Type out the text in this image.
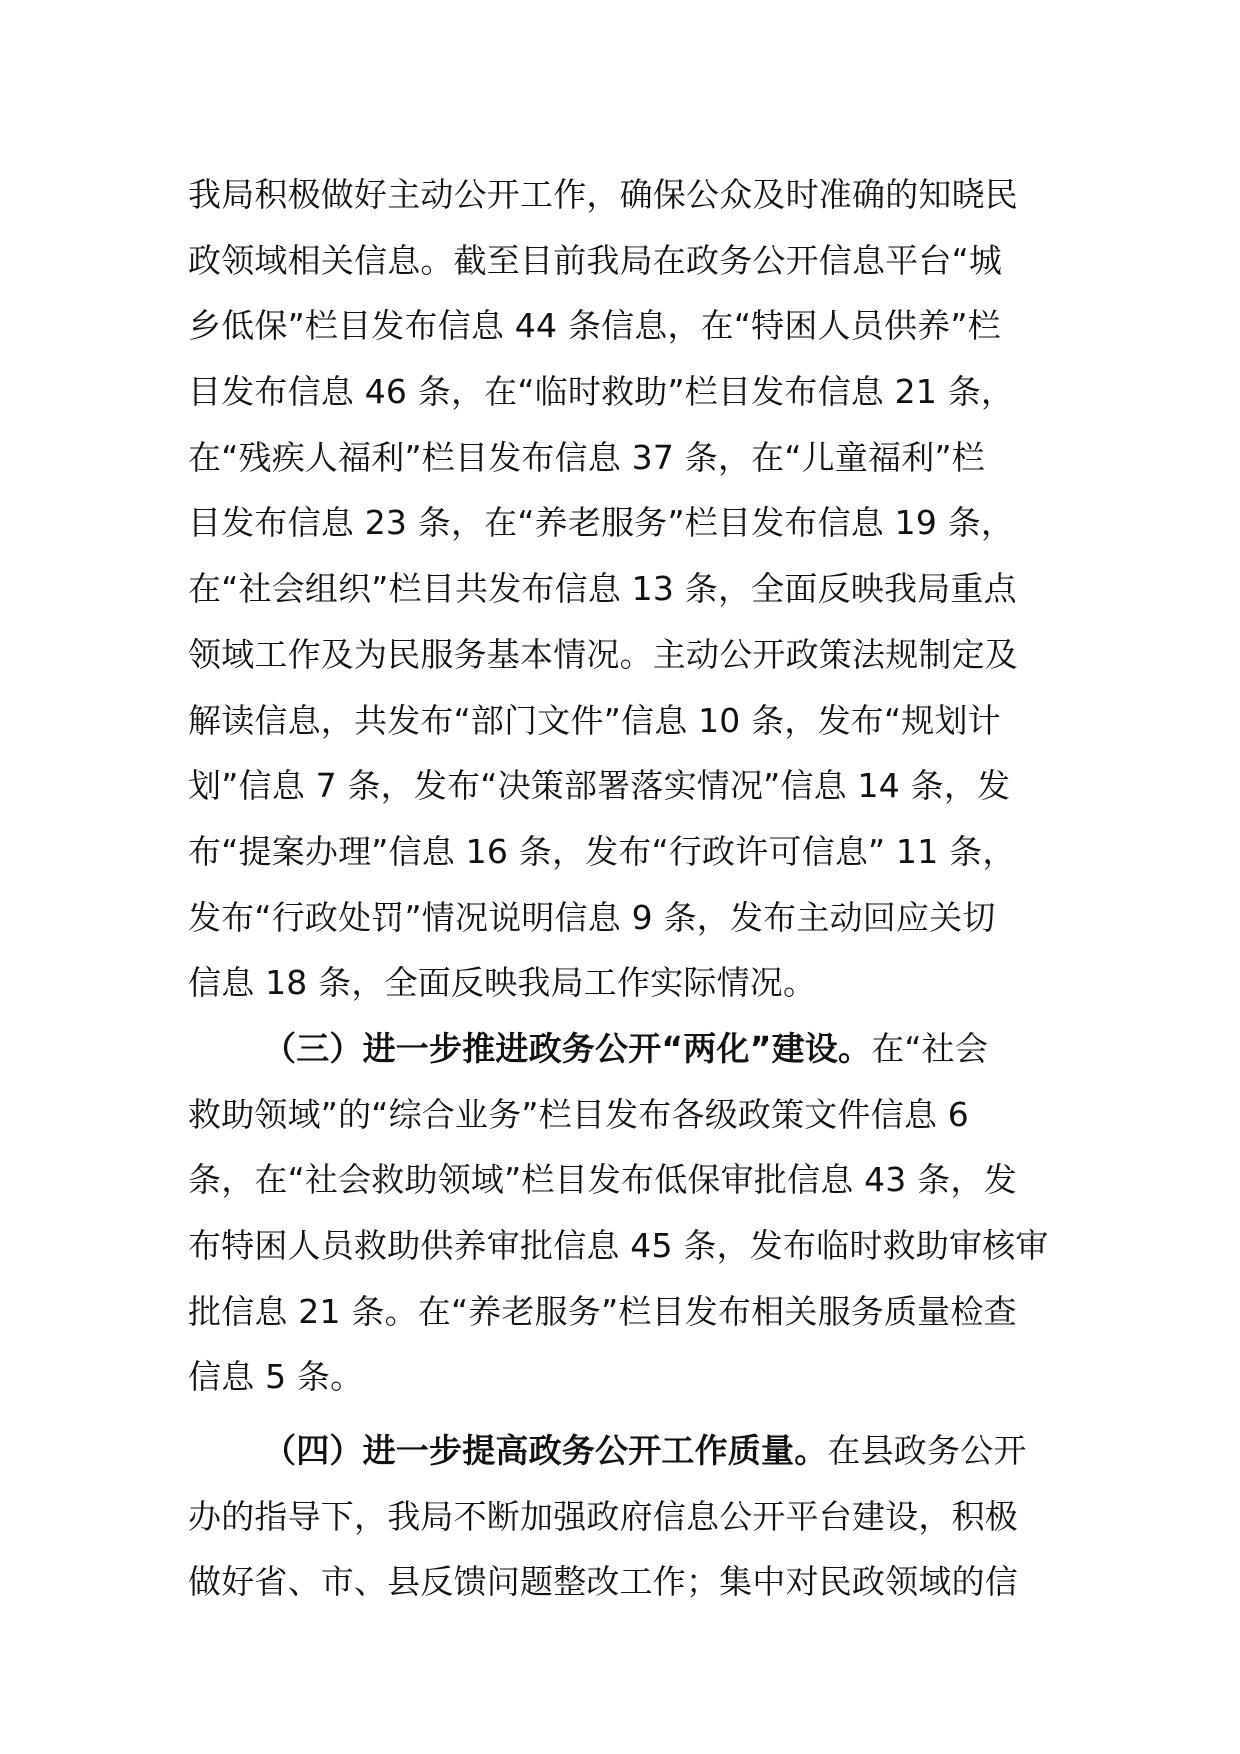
我局积极做好主动公开工作，确保公众及时准确的知晓民
政领域相关信息。截至目前我局在政务公开信息平台“城
乡低保”栏目发布信息 44 条信息，在“特困人员供养”栏
目发布信息 46 条，在“临时救助”栏目发布信息 21 条，
在“残疾人福利”栏目发布信息 37 条，在“儿童福利”栏
目发布信息 23 条，在“养老服务”栏目发布信息 19 条，
在“社会组织”栏目共发布信息 13 条，全面反映我局重点
领域工作及为民服务基本情况。主动公开政策法规制定及
解读信息，共发布“部门文件”信息 10 条，发布“规划计
划”信息 7 条，发布“决策部署落实情况”信息 14 条，发
布“提案办理”信息 16 条，发布“行政许可信息” 11 条，
发布“行政处罚”情况说明信息 9 条，发布主动回应关切
信息 18 条，全面反映我局工作实际情况。
（三）进一步推进政务公开“两化”建设。在“社会
救助领域”的“综合业务”栏目发布各级政策文件信息 6
条，在“社会救助领域”栏目发布低保审批信息 43 条，发
布特困人员救助供养审批信息 45 条，发布临时救助审核审
批信息 21 条。在“养老服务”栏目发布相关服务质量检查
信息 5 条。
（四）进一步提高政务公开工作质量。在县政务公开
办的指导下，我局不断加强政府信息公开平台建设，积极
做好省、市、县反馈问题整改工作；集中对民政领域的信
